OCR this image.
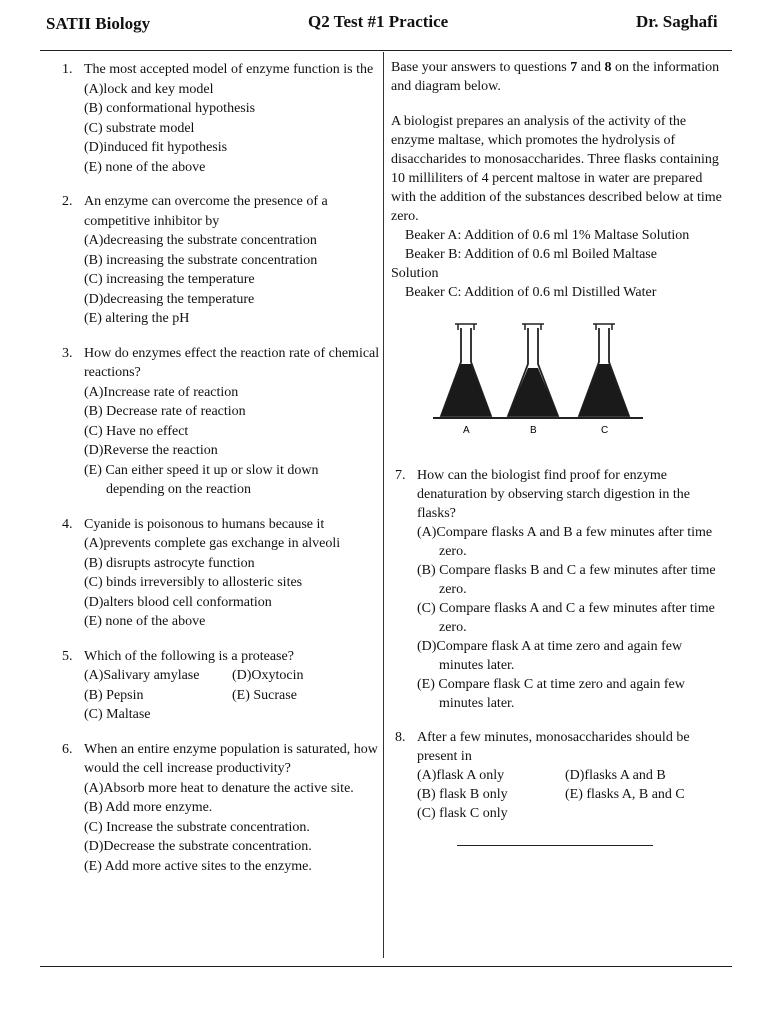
SATII Biology	Q2 Test #1 Practice	Dr. Saghafi
1. The most accepted model of enzyme function is the
(A)lock and key model
(B) conformational hypothesis
(C) substrate model
(D)induced fit hypothesis
(E) none of the above
2. An enzyme can overcome the presence of a competitive inhibitor by
(A)decreasing the substrate concentration
(B) increasing the substrate concentration
(C) increasing the temperature
(D)decreasing the temperature
(E) altering the pH
3. How do enzymes effect the reaction rate of chemical reactions?
(A)Increase rate of reaction
(B) Decrease rate of reaction
(C) Have no effect
(D)Reverse the reaction
(E) Can either speed it up or slow it down depending on the reaction
4. Cyanide is poisonous to humans because it
(A)prevents complete gas exchange in alveoli
(B) disrupts astrocyte function
(C) binds irreversibly to allosteric sites
(D)alters blood cell conformation
(E) none of the above
5. Which of the following is a protease?
(A)Salivary amylase	(D)Oxytocin
(B) Pepsin	(E) Sucrase
(C) Maltase
6. When an entire enzyme population is saturated, how would the cell increase productivity?
(A)Absorb more heat to denature the active site.
(B) Add more enzyme.
(C) Increase the substrate concentration.
(D)Decrease the substrate concentration.
(E) Add more active sites to the enzyme.
Base your answers to questions 7 and 8 on the information and diagram below.
A biologist prepares an analysis of the activity of the enzyme maltase, which promotes the hydrolysis of disaccharides to monosaccharides. Three flasks containing 10 milliliters of 4 percent maltose in water are prepared with the addition of the substances described below at time zero.
Beaker A: Addition of 0.6 ml 1% Maltase Solution
Beaker B: Addition of 0.6 ml Boiled Maltase
Solution
Beaker C: Addition of 0.6 ml Distilled Water
A	B	C
7. How can the biologist find proof for enzyme denaturation by observing starch digestion in the flasks?
(A)Compare flasks A and B a few minutes after time zero.
(B) Compare flasks B and C a few minutes after time zero.
(C) Compare flasks A and C a few minutes after time zero.
(D)Compare flask A at time zero and again few minutes later.
(E) Compare flask C at time zero and again few minutes later.
8. After a few minutes, monosaccharides should be present in
(A)flask A only	(D)flasks A and B
(B) flask B only	(E) flasks A, B and C
(C) flask C only
